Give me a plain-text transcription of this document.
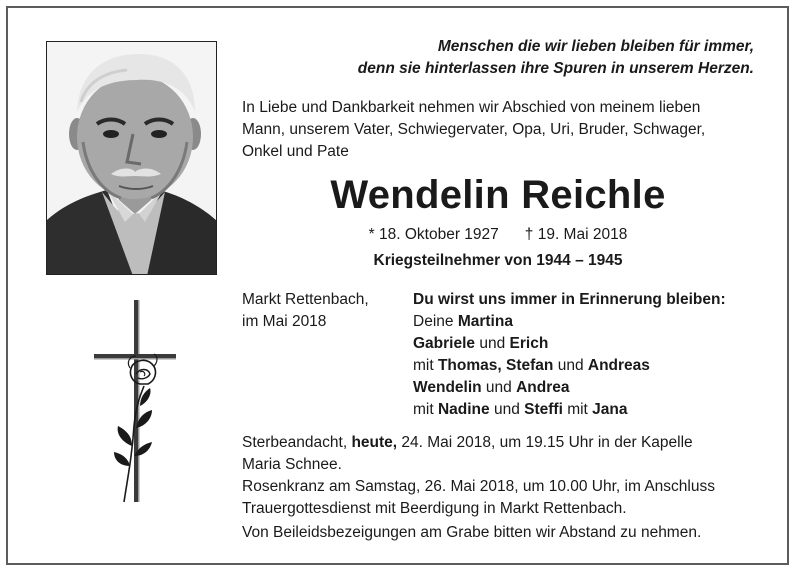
Menschen die wir lieben bleiben für immer,
denn sie hinterlassen ihre Spuren in unserem Herzen.
In Liebe und Dankbarkeit nehmen wir Abschied von meinem lieben
Mann, unserem Vater, Schwiegervater, Opa, Uri, Bruder, Schwager,
Onkel und Pate
Wendelin Reichle
* 18. Oktober 1927 † 19. Mai 2018
Kriegsteilnehmer von 1944 – 1945
Markt Rettenbach,
im Mai 2018
Du wirst uns immer in Erinnerung bleiben:
Deine Martina
Gabriele und Erich
mit Thomas, Stefan und Andreas
Wendelin und Andrea
mit Nadine und Steffi mit Jana
Sterbeandacht, heute, 24. Mai 2018, um 19.15 Uhr in der Kapelle
Maria Schnee.
Rosenkranz am Samstag, 26. Mai 2018, um 10.00 Uhr, im Anschluss
Trauergottesdienst mit Beerdigung in Markt Rettenbach.
Von Beileidsbezeigungen am Grabe bitten wir Abstand zu nehmen.
